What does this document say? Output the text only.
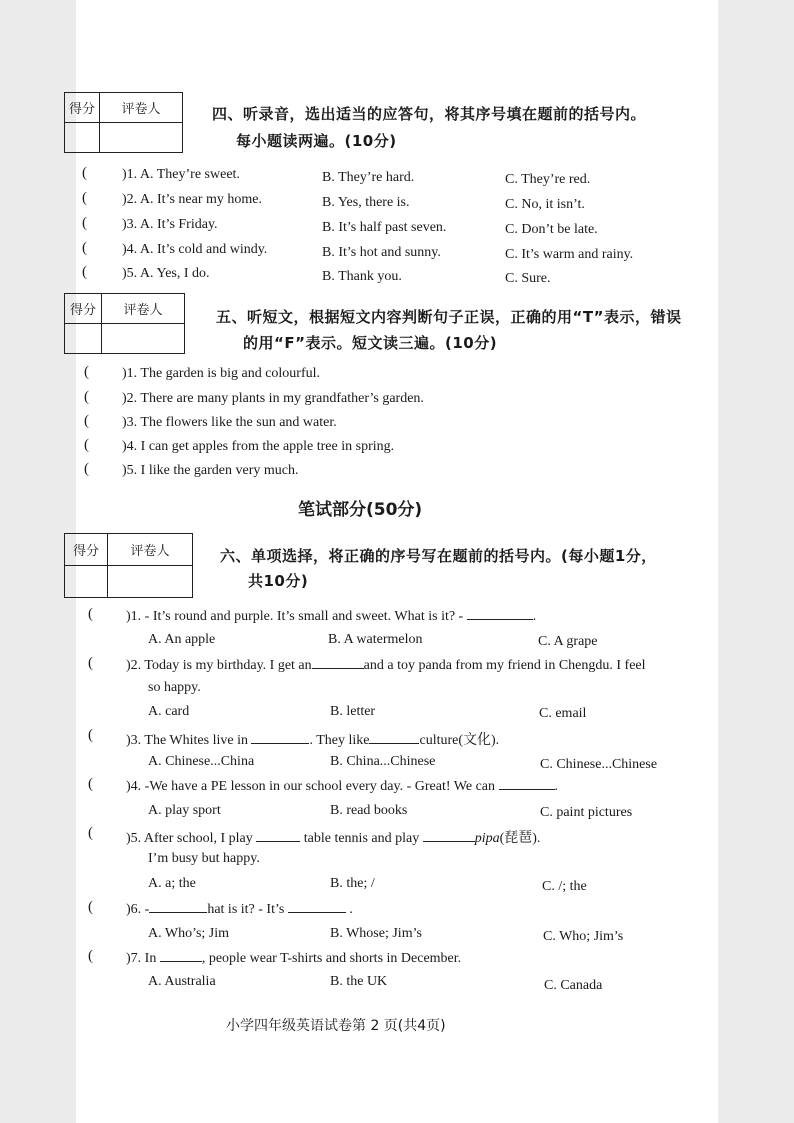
得分	评卷人
		四、听录音，选出适当的应答句，将其序号填在题前的括号内。
每小题读两遍。(10分)
(	)1. A. They’re sweet.	B. They’re hard.	C. They’re red.
(	)2. A. It’s near my home.	B. Yes, there is.	C. No, it isn’t.
(	)3. A. It’s Friday.	B. It’s half past seven.	C. Don’t be late.
(	)4. A. It’s cold and windy.	B. It’s hot and sunny.	C. It’s warm and rainy.
(	)5. A. Yes, I do.	B. Thank you.	C. Sure.
得分	评卷人
		五、听短文，根据短文内容判断句子正误，正确的用“T”表示，错误
的用“F”表示。短文读三遍。(10分)
( )1. The garden is big and colourful.
( )2. There are many plants in my grandfather’s garden.
( )3. The flowers like the sun and water.
( )4. I can get apples from the apple tree in spring.
( )5. I like the garden very much.
笔试部分(50分)
得分	评卷人
		六、单项选择，将正确的序号写在题前的括号内。(每小题1分，
共10分)
( )1. - It’s round and purple. It’s small and sweet. What is it? -	.
A. An apple	B. A watermelon	C. A grape
( )2. Today is my birthday. I get an	and a toy panda from my friend in Chengdu. I feel
so happy.
A. card	B. letter	C. email
( )3. The Whites live in	. They like	culture(文化).
A. Chinese...China	B. China...Chinese	C. Chinese...Chinese
( )4. -We have a PE lesson in our school every day. - Great! We can	.
A. play sport	B. read books	C. paint pictures
( )5. After school, I play	table tennis and play	pipa(琵琶).
I’m busy but happy.
A. a; the	B. the; /	C. /; the
( )6. -	hat is it? - It’s	.
A. Who’s; Jim	B. Whose; Jim’s	C. Who; Jim’s
( )7. In	, people wear T-shirts and shorts in December.
A. Australia	B. the UK	C. Canada
小学四年级英语试卷第 2 页(共4页)
